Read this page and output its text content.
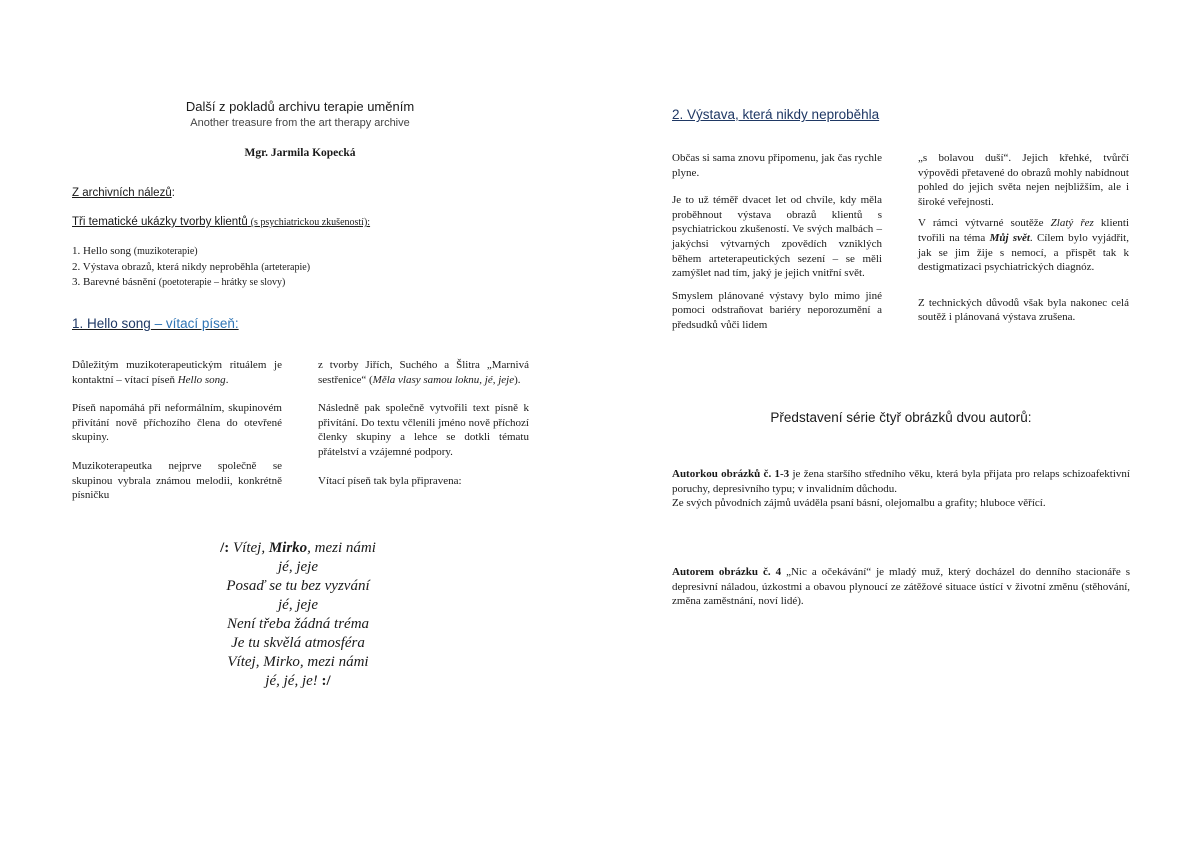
Další z pokladů archivu terapie uměním
Another treasure from the art therapy archive
Mgr. Jarmila Kopecká
Z archivních nálezů:
Tři tematické ukázky tvorby klientů (s psychiatrickou zkušeností):
1. Hello song (muzikoterapie)
2. Výstava obrazů, která nikdy neproběhla (arteterapie)
3. Barevné básnění (poetoterapie – hrátky se slovy)
1. Hello song – vítací píseň:

Důležitým muzikoterapeutickým rituálem je kontaktní – vítací píseň Hello song.

Píseň napomáhá při neformálním, skupinovém přivítání nově příchozího člena do otevřené skupiny.

Muzikoterapeutka nejprve společně se skupinou vybrala známou melodii, konkrétně písničku

z tvorby Jiřích, Suchého a Šlitra „Marnivá sestřenice“ (Měla vlasy samou loknu, jé, jeje).

Následně pak společně vytvořili text písně k přivítání. Do textu včlenili jméno nově příchozí členky skupiny a lehce se dotkli tématu přátelství a vzájemné podpory.

Vítací píseň tak byla připravena:

/: Vítej, Mirko, mezi námi
jé, jeje
Posaď se tu bez vyzvání
jé, jeje
Není třeba žádná tréma
Je tu skvělá atmosféra
Vítej, Mirko, mezi námi
jé, jé, je! :/
2. Výstava, která nikdy neproběhla

Občas si sama znovu připomenu, jak čas rychle plyne.

Je to už téměř dvacet let od chvíle, kdy měla proběhnout výstava obrazů klientů s psychiatrickou zkušeností. Ve svých malbách – jakýchsi výtvarných zpovědích vzniklých během arteterapeutických sezení – se měli zamýšlet nad tím, jaký je jejich vnitřní svět.

Smyslem plánované výstavy bylo mimo jiné pomoci odstraňovat bariéry neporozumění a předsudků vůči lidem

„s bolavou duší“. Jejich křehké, tvůrčí výpovědi přetavené do obrazů mohly nabídnout pohled do jejich světa nejen nejbližším, ale i široké veřejnosti.

V rámci výtvarné soutěže Zlatý řez klienti tvořili na téma Můj svět. Cílem bylo vyjádřit, jak se jim žije s nemocí, a přispět tak k destigmatizaci psychiatrických diagnóz.

Z technických důvodů však byla nakonec celá soutěž i plánovaná výstava zrušena.

Představení série čtyř obrázků dvou autorů:

Autorkou obrázků č. 1-3 je žena staršího středního věku, která byla přijata pro relaps schizoafektivní poruchy, depresivního typu; v invalidním důchodu.

Ze svých původních zájmů uváděla psaní básní, olejomalbu a grafity; hluboce věřící.

Autorem obrázku č. 4 „Nic a očekávání“ je mladý muž, který docházel do denního stacionáře s depresivní náladou, úzkostmi a obavou plynoucí ze zátěžové situace ústící v životní změnu (stěhování, změna zaměstnání, noví lidé).
